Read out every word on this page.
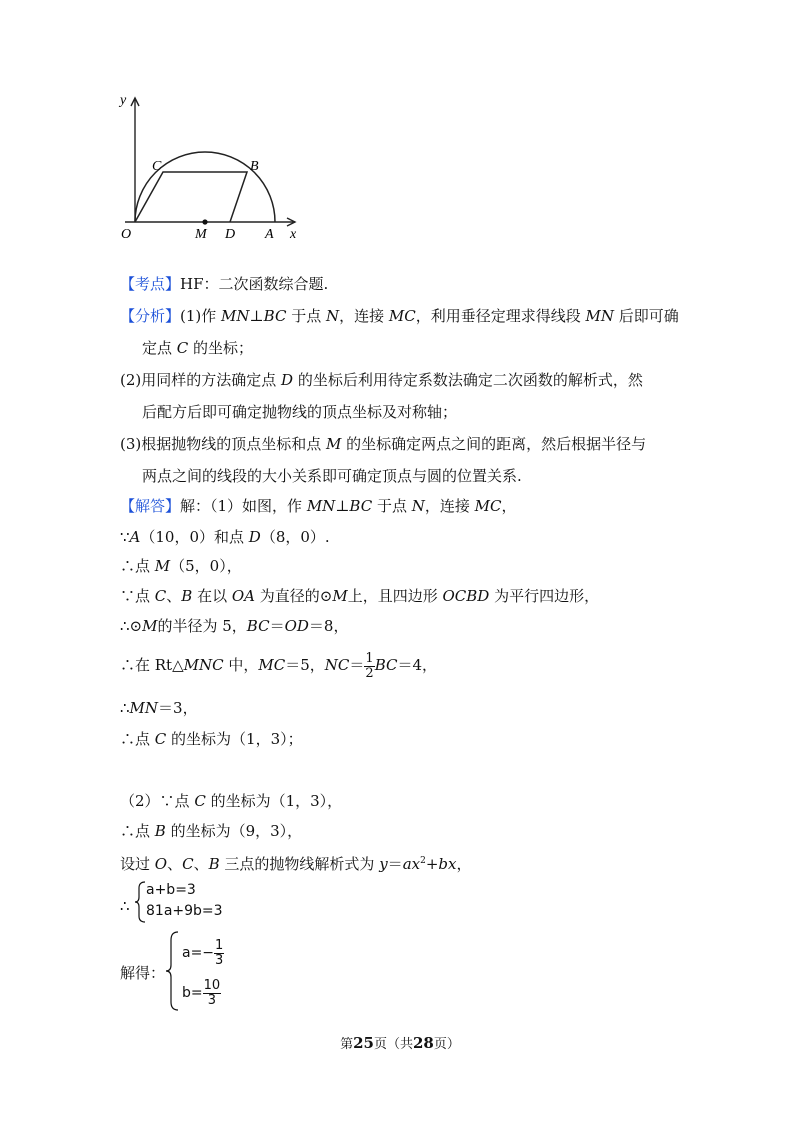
y
x
O
C	B
M D A
【考点】HF：二次函数综合题.
【分析】(1)作 MN⊥BC 于点 N，连接 MC，利用垂径定理求得线段 MN 后即可确
定点 C 的坐标；
(2)用同样的方法确定点 D 的坐标后利用待定系数法确定二次函数的解析式，然
后配方后即可确定抛物线的顶点坐标及对称轴；
(3)根据抛物线的顶点坐标和点 M 的坐标确定两点之间的距离，然后根据半径与
两点之间的线段的大小关系即可确定顶点与圆的位置关系.
【解答】解：（1）如图，作 MN⊥BC 于点 N，连接 MC，
∵A（10，0）和点 D（8，0）.
∴点 M（5，0），
∵点 C、B 在以 OA 为直径的⊙M上，且四边形 OCBD 为平行四边形，
∴⊙M的半径为 5，BC＝OD＝8，
∴在 Rt△MNC 中，MC＝5，$NC= \frac{1}{2} BC=4$，
∴MN＝3，
∴点 C 的坐标为（1，3）；
（2）∵点 C 的坐标为（1，3），
∴点 B 的坐标为（9，3），
设过 O、C、B 三点的抛物线解析式为 $y=ax^2+bx$，
∴
a+b=3
81a+9b=3
解得：
$a=- \frac{1}{3}$
$b= \frac{10}{3}$
第25页（共28页）
